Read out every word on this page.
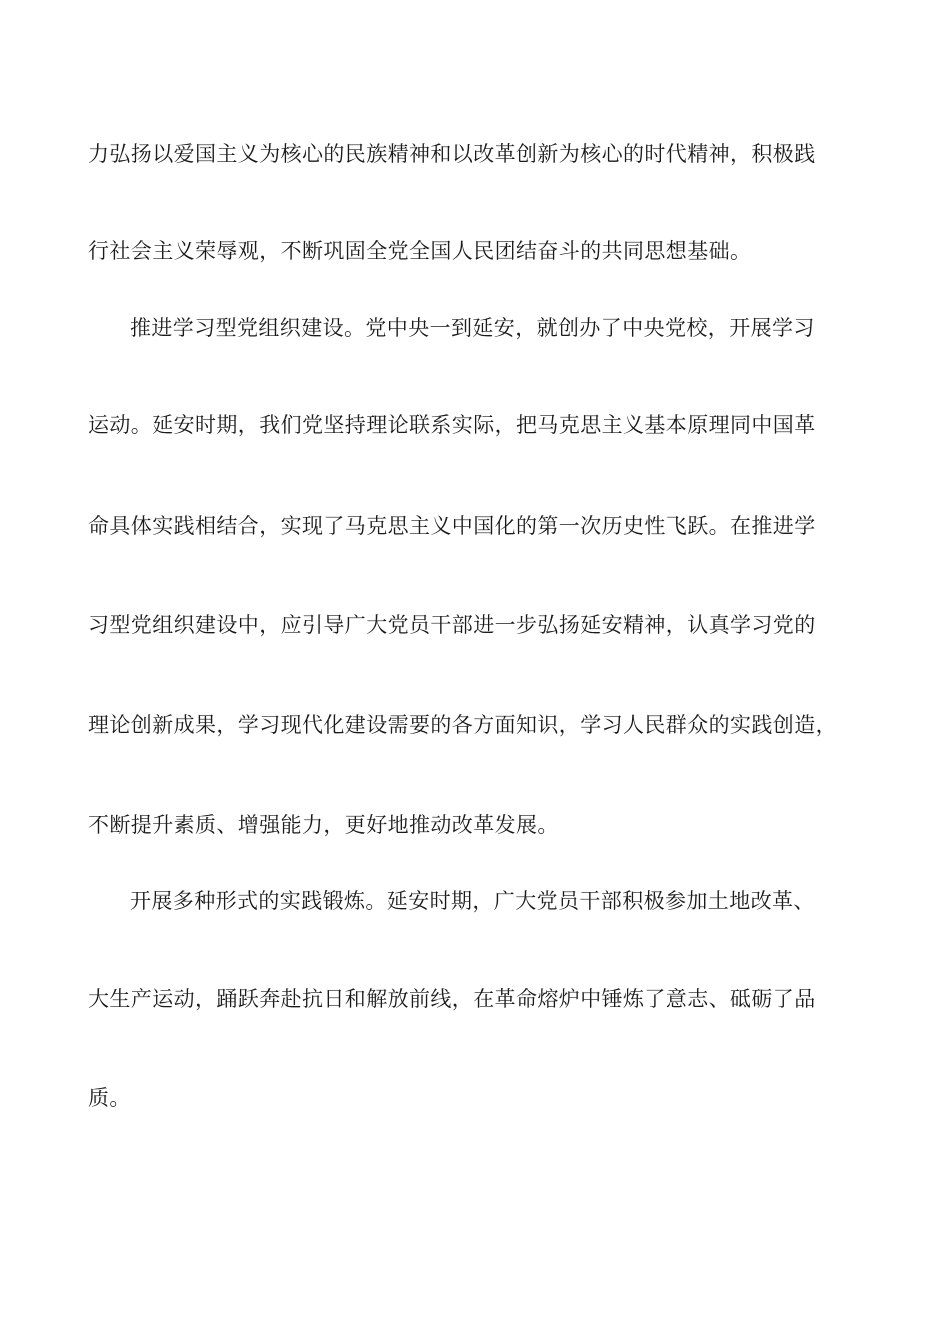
力弘扬以爱国主义为核心的民族精神和以改革创新为核心的时代精神，积极践
行社会主义荣辱观，不断巩固全党全国人民团结奋斗的共同思想基础。
推进学习型党组织建设。党中央一到延安，就创办了中央党校，开展学习
运动。延安时期，我们党坚持理论联系实际，把马克思主义基本原理同中国革
命具体实践相结合，实现了马克思主义中国化的第一次历史性飞跃。在推进学
习型党组织建设中，应引导广大党员干部进一步弘扬延安精神，认真学习党的
理论创新成果，学习现代化建设需要的各方面知识，学习人民群众的实践创造，
不断提升素质、增强能力，更好地推动改革发展。
开展多种形式的实践锻炼。延安时期，广大党员干部积极参加土地改革、
大生产运动，踊跃奔赴抗日和解放前线，在革命熔炉中锤炼了意志、砥砺了品
质。
